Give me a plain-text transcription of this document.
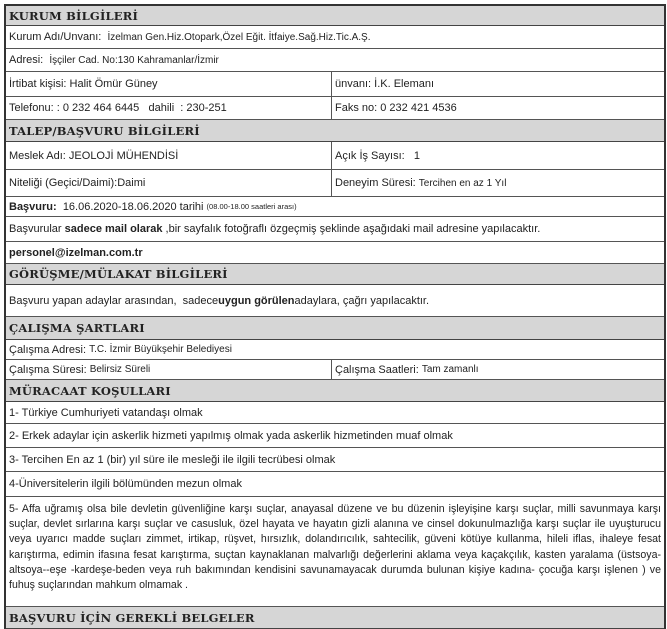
KURUM BİLGİLERİ
Kurum Adı/Unvanı:
İzelman Gen.Hiz.Otopark,Özel Eğit. İtfaiye.Sağ.Hiz.Tic.A.Ş.
Adresi:
İşçiler Cad. No:130 Kahramanlar/İzmir
İrtibat kişisi:
Halit Ömür Güney	ünvanı:
İ.K. Elemanı
Telefonu: :
0 232 464 6445   dahili  : 230-251	Faks no:
0 232 421 4536
TALEP/BAŞVURU BİLGİLERİ
Meslek Adı:
JEOLOJİ MÜHENDİSİ	Açık İş Sayısı:
1
Niteliği (Geçici/Daimi): Daimi	Deneyim Süresi:
Tercihen en az 1 Yıl
Başvuru:
16.06.2020-18.06.2020 tarihi
(08.00-18.00 saatleri arası)
Başvurular
sadece mail olarak
,bir sayfalık fotoğraflı özgeçmiş şeklinde aşağıdaki mail adresine yapılacaktır.
personel@izelman.com.tr
GÖRÜŞME/MÜLAKAT BİLGİLERİ
Başvuru yapan adaylar arasından,  sadece uygun görülen adaylara, çağrı yapılacaktır.
ÇALIŞMA ŞARTLARI
Çalışma Adresi:
T.C. İzmir Büyükşehir Belediyesi
Çalışma Süresi:
Belirsiz Süreli	Çalışma Saatleri:
Tam zamanlı
MÜRACAAT KOŞULLARI
1- Türkiye Cumhuriyeti vatandaşı olmak
2- Erkek adaylar için askerlik hizmeti yapılmış olmak yada askerlik hizmetinden muaf olmak
3- Tercihen En az 1 (bir) yıl süre ile mesleği ile ilgili tecrübesi olmak
4-Üniversitelerin ilgili bölümünden mezun olmak
5- Affa uğramış olsa bile devletin güvenliğine karşı suçlar, anayasal düzene ve bu düzenin işleyişine karşı suçlar, milli savunmaya karşı suçlar, devlet sırlarına karşı suçlar ve casusluk, özel hayata ve hayatın gizli alanına ve cinsel dokunulmazlığa karşı suçlar ile uyuşturucu veya uyarıcı madde suçları zimmet, irtikap, rüşvet, hırsızlık, dolandırıcılık, sahtecilik, güveni kötüye kullanma, hileli iflas, ihaleye fesat karıştırma, edimin ifasına fesat karıştırma, suçtan kaynaklanan malvarlığı değerlerini aklama veya kaçakçılık, kasten yaralama (üstsoya-altsoya--eşe -kardeşe-beden veya ruh bakımından kendisini savunamayacak durumda bulunan kişiye kadına- çocuğa karşı işlenen ) ve fuhuş suçlarından mahkum olmamak .
BAŞVURU İÇİN GEREKLİ BELGELER
